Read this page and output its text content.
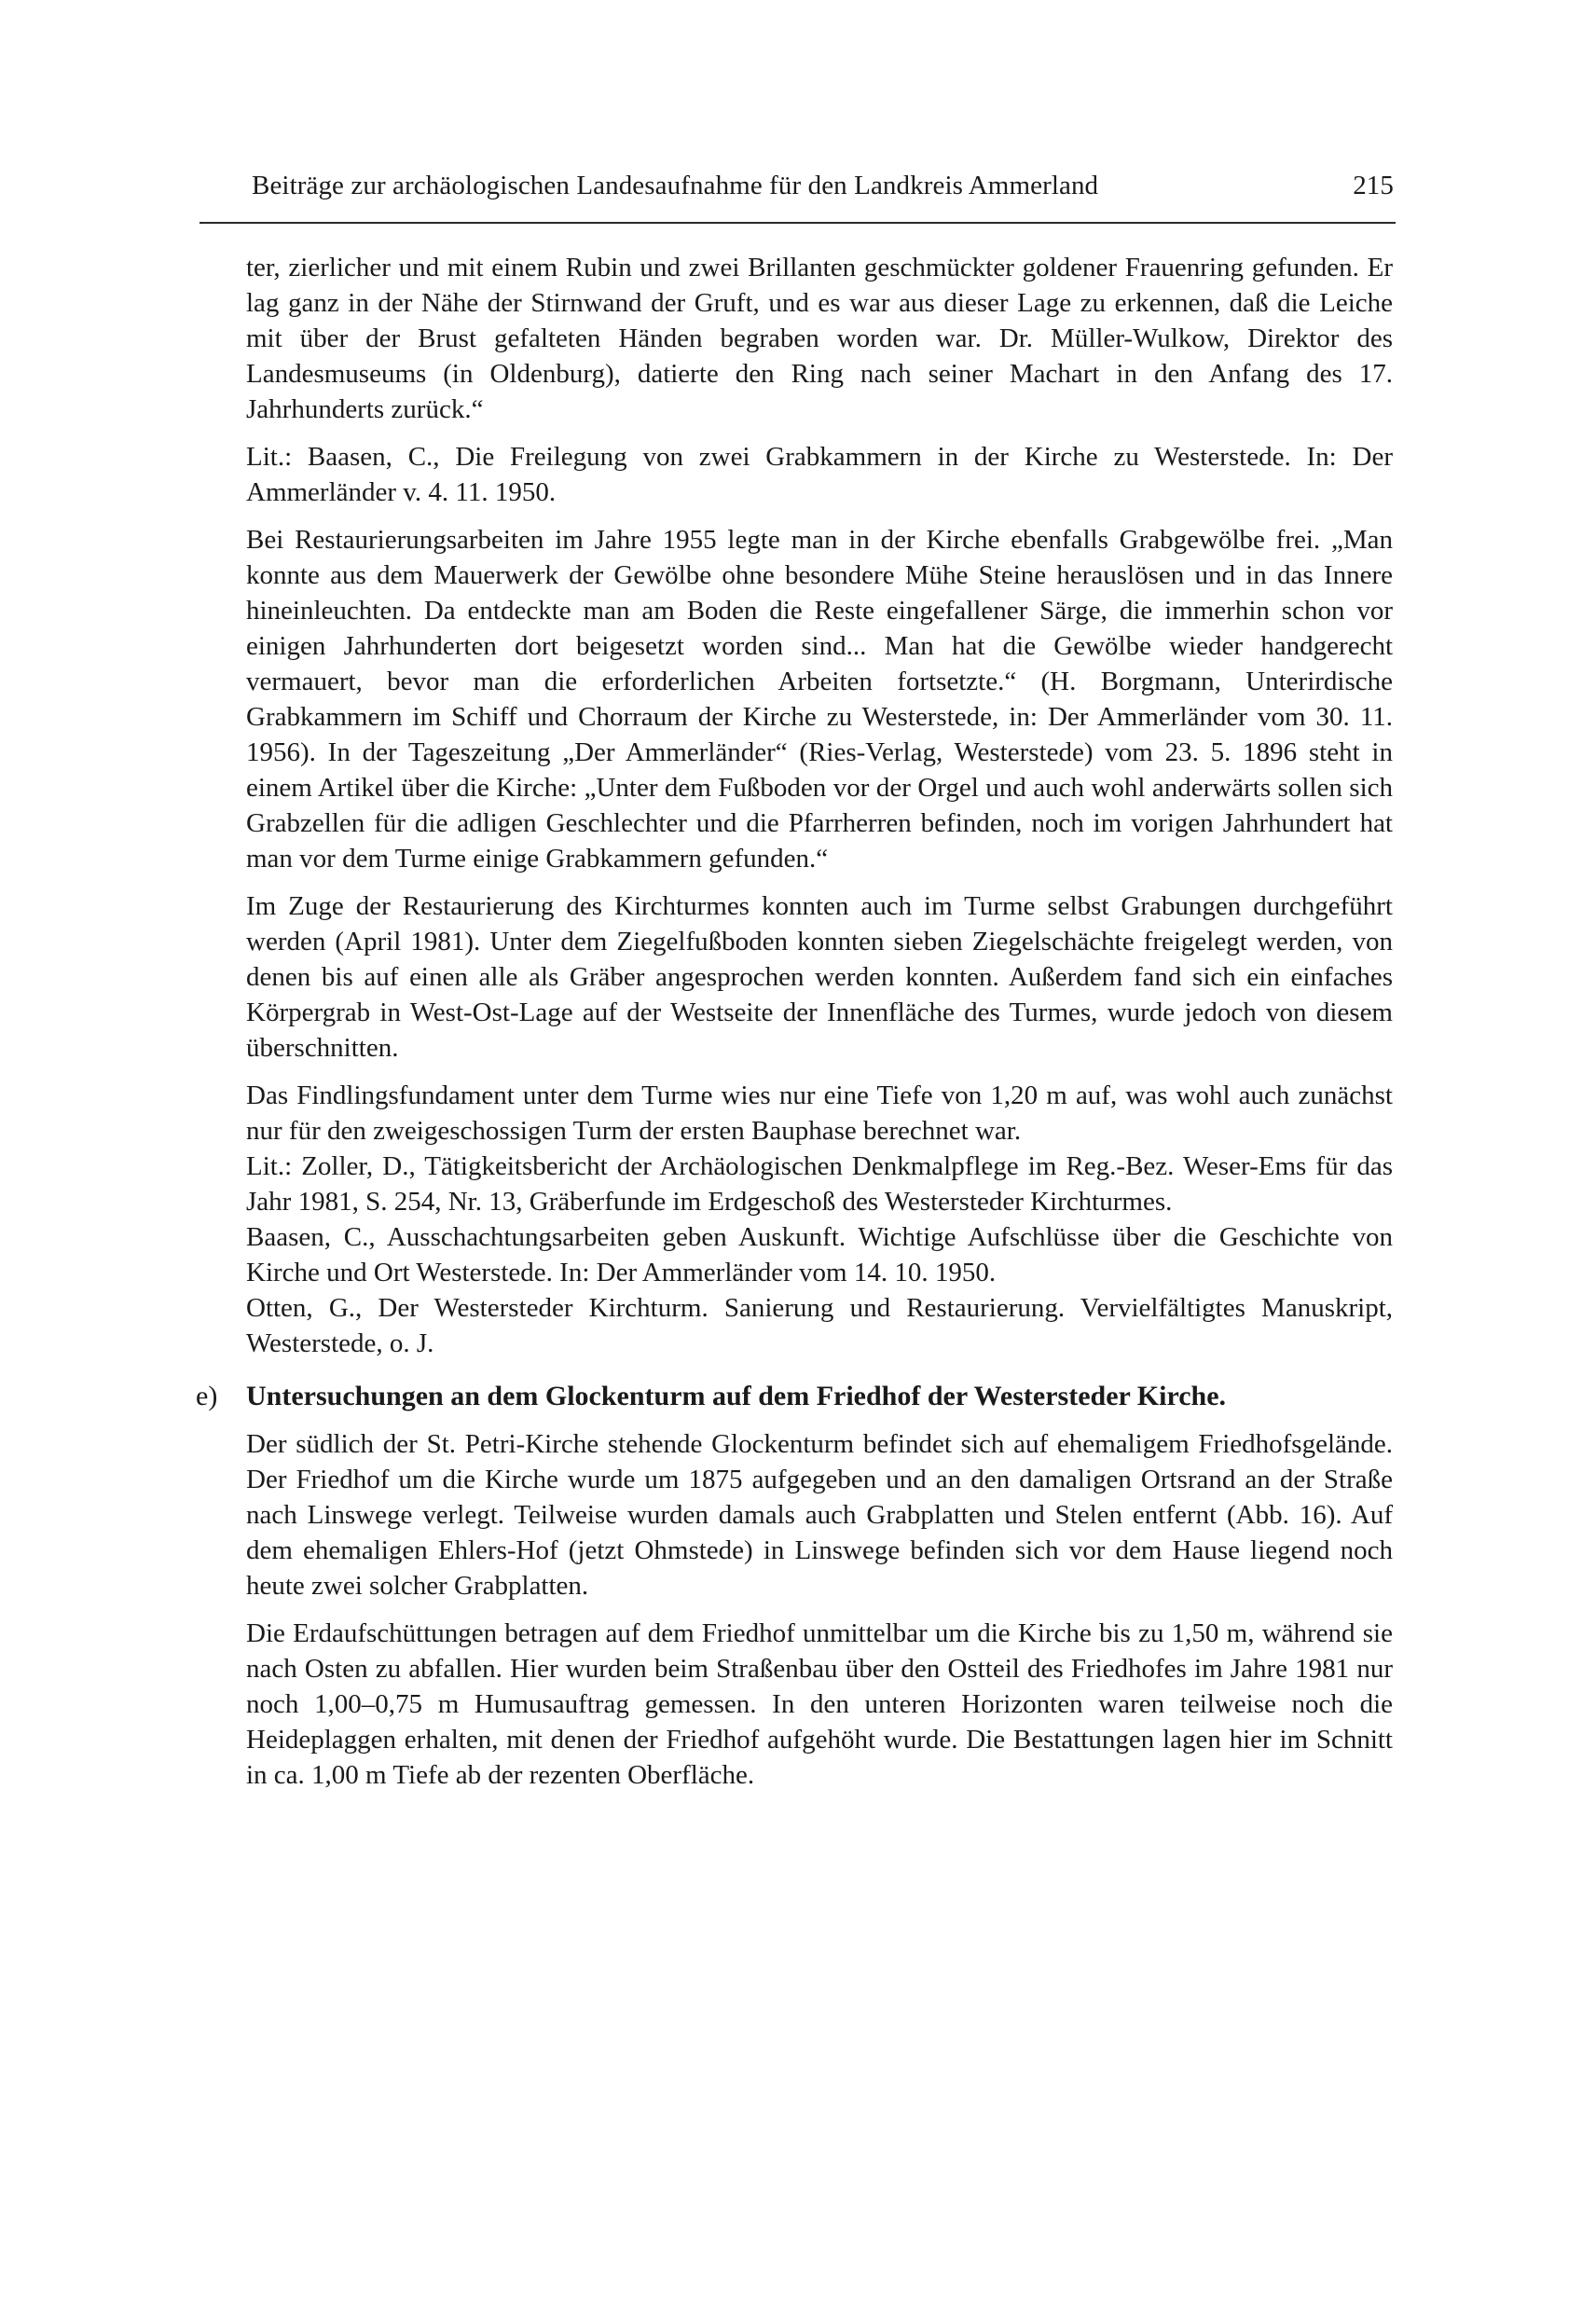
Beiträge zur archäologischen Landesaufnahme für den Landkreis Ammerland	215

ter, zierlicher und mit einem Rubin und zwei Brillanten geschmückter goldener Frauenring gefunden. Er lag ganz in der Nähe der Stirnwand der Gruft, und es war aus dieser Lage zu erkennen, daß die Leiche mit über der Brust gefalteten Händen begraben worden war. Dr. Müller-Wulkow, Direktor des Landesmuseums (in Oldenburg), datierte den Ring nach seiner Machart in den Anfang des 17. Jahrhunderts zurück.“

Lit.: Baasen, C., Die Freilegung von zwei Grabkammern in der Kirche zu Westerstede. In: Der Ammerländer v. 4. 11. 1950.

Bei Restaurierungsarbeiten im Jahre 1955 legte man in der Kirche ebenfalls Grabgewölbe frei. „Man konnte aus dem Mauerwerk der Gewölbe ohne besondere Mühe Steine herauslösen und in das Innere hineinleuchten. Da entdeckte man am Boden die Reste eingefallener Särge, die immerhin schon vor einigen Jahrhunderten dort beigesetzt worden sind... Man hat die Gewölbe wieder handgerecht vermauert, bevor man die erforderlichen Arbeiten fortsetzte.“ (H. Borgmann, Unterirdische Grabkammern im Schiff und Chorraum der Kirche zu Westerstede, in: Der Ammerländer vom 30. 11. 1956). In der Tageszeitung „Der Ammerländer“ (Ries-Verlag, Westerstede) vom 23. 5. 1896 steht in einem Artikel über die Kirche: „Unter dem Fußboden vor der Orgel und auch wohl anderwärts sollen sich Grabzellen für die adligen Geschlechter und die Pfarrherren befinden, noch im vorigen Jahrhundert hat man vor dem Turme einige Grabkammern gefunden.“

Im Zuge der Restaurierung des Kirchturmes konnten auch im Turme selbst Grabungen durchgeführt werden (April 1981). Unter dem Ziegelfußboden konnten sieben Ziegelschächte freigelegt werden, von denen bis auf einen alle als Gräber angesprochen werden konnten. Außerdem fand sich ein einfaches Körpergrab in West-Ost-Lage auf der Westseite der Innenfläche des Turmes, wurde jedoch von diesem überschnitten.

Das Findlingsfundament unter dem Turme wies nur eine Tiefe von 1,20 m auf, was wohl auch zunächst nur für den zweigeschossigen Turm der ersten Bauphase berechnet war.

Lit.: Zoller, D., Tätigkeitsbericht der Archäologischen Denkmalpflege im Reg.-Bez. Weser-Ems für das Jahr 1981, S. 254, Nr. 13, Gräberfunde im Erdgeschoß des Westersteder Kirchturmes.

Baasen, C., Ausschachtungsarbeiten geben Auskunft. Wichtige Aufschlüsse über die Geschichte von Kirche und Ort Westerstede. In: Der Ammerländer vom 14. 10. 1950.

Otten, G., Der Westersteder Kirchturm. Sanierung und Restaurierung. Vervielfältigtes Manuskript, Westerstede, o. J.

e) Untersuchungen an dem Glockenturm auf dem Friedhof der Westersteder Kirche.

Der südlich der St. Petri-Kirche stehende Glockenturm befindet sich auf ehemaligem Friedhofsgelände. Der Friedhof um die Kirche wurde um 1875 aufgegeben und an den damaligen Ortsrand an der Straße nach Linswege verlegt. Teilweise wurden damals auch Grabplatten und Stelen entfernt (Abb. 16). Auf dem ehemaligen Ehlers-Hof (jetzt Ohmstede) in Linswege befinden sich vor dem Hause liegend noch heute zwei solcher Grabplatten.

Die Erdaufschüttungen betragen auf dem Friedhof unmittelbar um die Kirche bis zu 1,50 m, während sie nach Osten zu abfallen. Hier wurden beim Straßenbau über den Ostteil des Friedhofes im Jahre 1981 nur noch 1,00–0,75 m Humusauftrag gemessen. In den unteren Horizonten waren teilweise noch die Heideplaggen erhalten, mit denen der Friedhof aufgehöht wurde. Die Bestattungen lagen hier im Schnitt in ca. 1,00 m Tiefe ab der rezenten Oberfläche.
